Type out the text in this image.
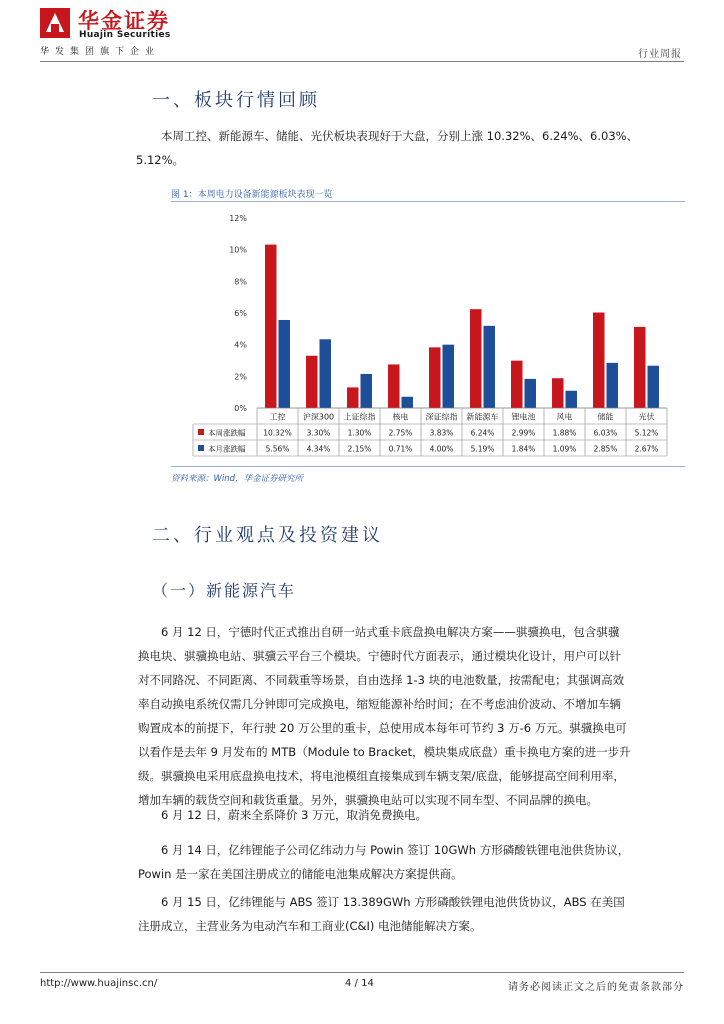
华金证券
Huajin Securities
华发集团旗下企业	行业周报
一、板块行情回顾

本周工控、新能源车、储能、光伏板块表现好于大盘，分别上涨 10.32%、6.24%、6.03%、

5.12%。
图 1：本周电力设备新能源板块表现一览
0%
2%
4%
6%
8%
10%
12%
工控 沪深300 上证综指 核电 深证综指 新能源车 锂电池	风电	储能	光伏
本周涨跌幅 10.32% 3.30% 1.30% 2.75% 3.83% 6.24% 2.99% 1.88% 6.03% 5.12%
本月涨跌幅	5.56% 4.34% 2.15% 0.71% 4.00% 5.19% 1.84% 1.09% 2.85% 2.67%
资料来源：Wind，华金证券研究所
二、行业观点及投资建议
（一）新能源汽车
6 月 12 日，宁德时代正式推出自研一站式重卡底盘换电解决方案——骐骥换电，包含骐骥
换电块、骐骥换电站、骐骥云平台三个模块。宁德时代方面表示，通过模块化设计，用户可以针
对不同路况、不同距离、不同载重等场景，自由选择 1-3 块的电池数量，按需配电；其强调高效
率自动换电系统仅需几分钟即可完成换电，缩短能源补给时间；在不考虑油价波动、不增加车辆
购置成本的前提下，年行驶 20 万公里的重卡，总使用成本每年可节约 3 万-6 万元。骐骥换电可
以看作是去年 9 月发布的 MTB（Module to Bracket，模块集成底盘）重卡换电方案的进一步升
级。骐骥换电采用底盘换电技术，将电池模组直接集成到车辆支架/底盘，能够提高空间利用率，
增加车辆的载货空间和载货重量。另外，骐骥换电站可以实现不同车型、不同品牌的换电。

6 月 12 日，蔚来全系降价 3 万元，取消免费换电。

6 月 14 日，亿纬锂能子公司亿纬动力与 Powin 签订 10GWh 方形磷酸铁锂电池供货协议，
Powin 是一家在美国注册成立的储能电池集成解决方案提供商。
6 月 15 日，亿纬锂能与 ABS 签订 13.389GWh 方形磷酸铁锂电池供货协议，ABS 在美国
注册成立，主营业务为电动汽车和工商业(C&I) 电池储能解决方案。
http://www.huajinsc.cn/	4 / 14	请务必阅读正文之后的免责条款部分
